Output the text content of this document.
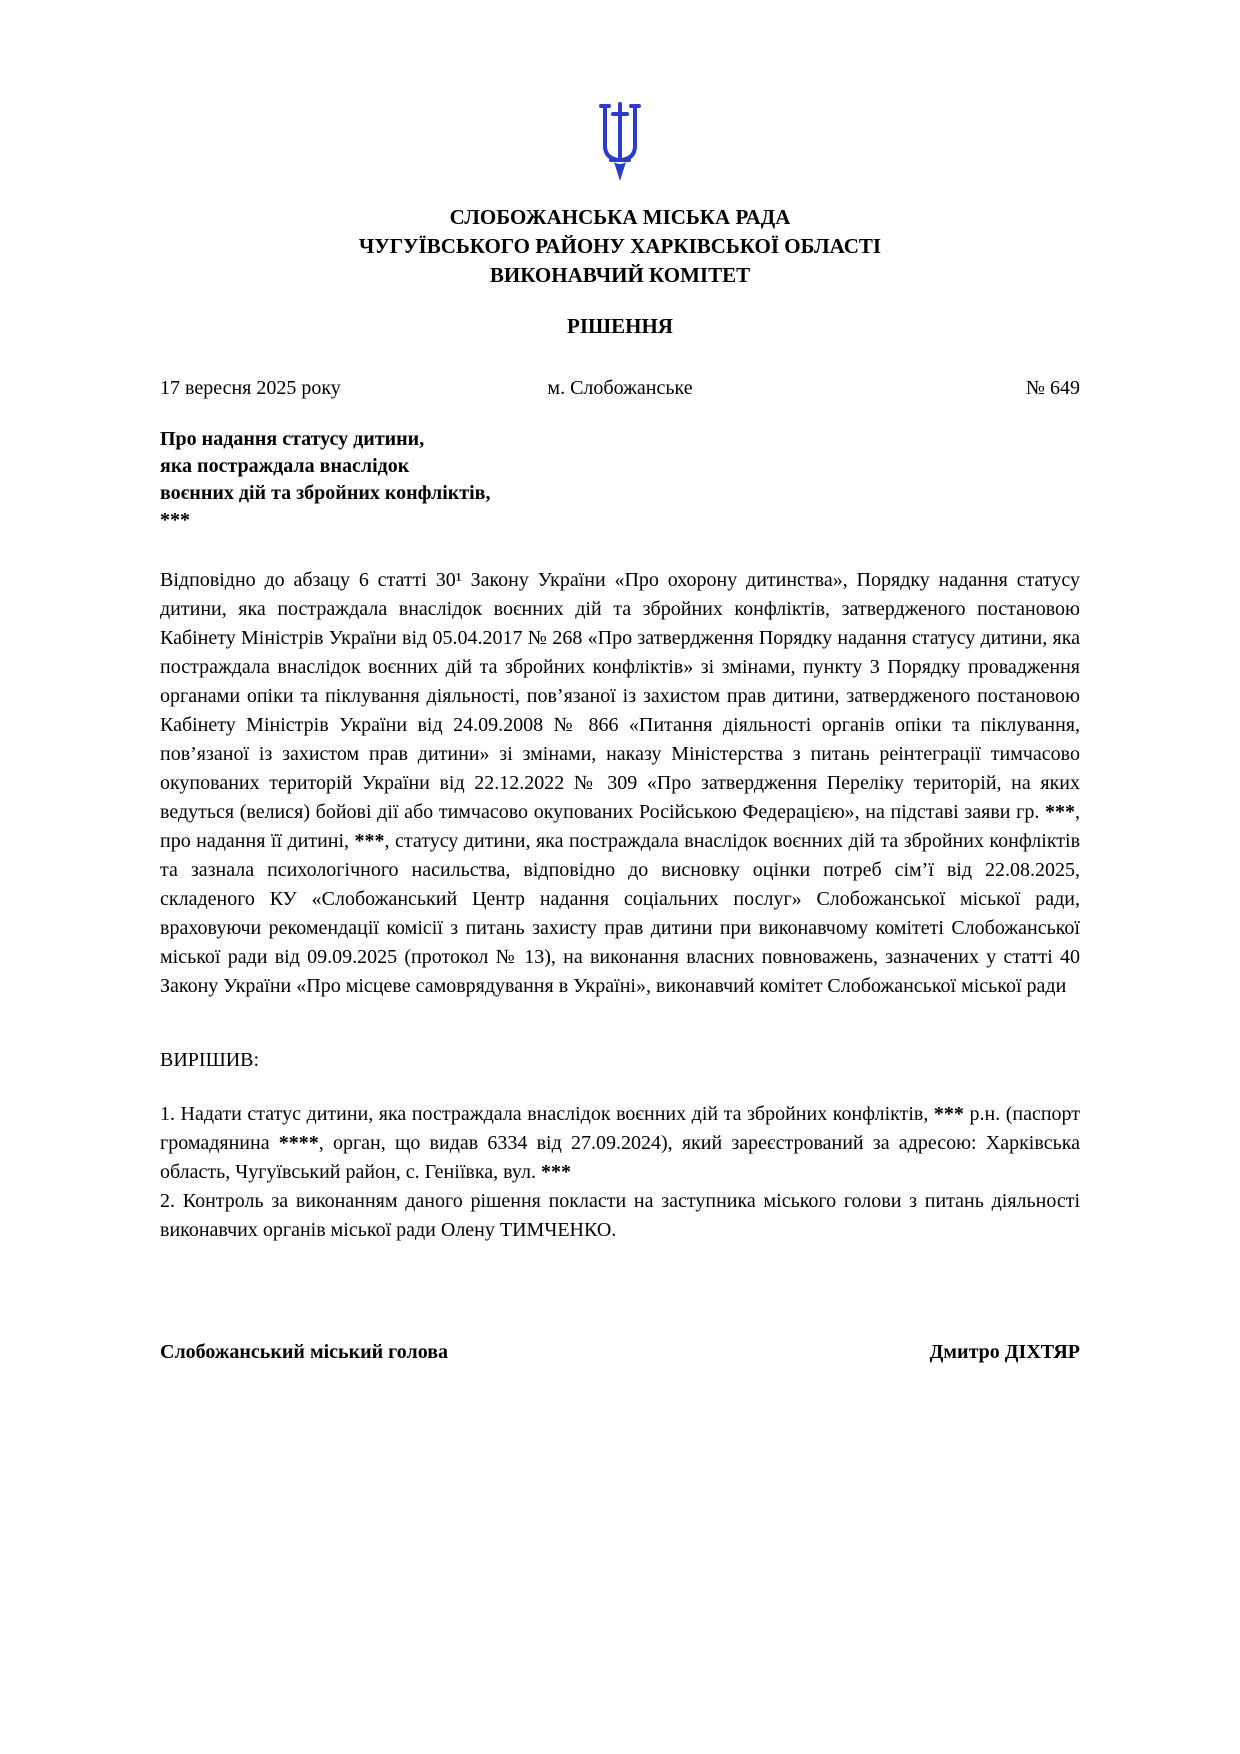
СЛОБОЖАНСЬКА МІСЬКА РАДА
ЧУГУЇВСЬКОГО РАЙОНУ ХАРКІВСЬКОЇ ОБЛАСТІ
ВИКОНАВЧИЙ КОМІТЕТ
РІШЕННЯ
17 вересня 2025 року	м. Слобожанське	№ 649
Про надання статусу дитини,
яка постраждала внаслідок
воєнних дій та збройних конфліктів,
***
Відповідно до абзацу 6 статті 30¹ Закону України «Про охорону дитинства», Порядку надання статусу дитини, яка постраждала внаслідок воєнних дій та збройних конфліктів, затвердженого постановою Кабінету Міністрів України від 05.04.2017 № 268 «Про затвердження Порядку надання статусу дитини, яка постраждала внаслідок воєнних дій та збройних конфліктів» зі змінами, пункту 3 Порядку провадження органами опіки та піклування діяльності, пов’язаної із захистом прав дитини, затвердженого постановою Кабінету Міністрів України від 24.09.2008 № 866 «Питання діяльності органів опіки та піклування, пов’язаної із захистом прав дитини» зі змінами, наказу Міністерства з питань реінтеграції тимчасово окупованих територій України від 22.12.2022 № 309 «Про затвердження Переліку територій, на яких ведуться (велися) бойові дії або тимчасово окупованих Російською Федерацією», на підставі заяви гр. ***, про надання її дитині, ***, статусу дитини, яка постраждала внаслідок воєнних дій та збройних конфліктів та зазнала психологічного насильства, відповідно до висновку оцінки потреб сім’ї від 22.08.2025, складеного КУ «Слобожанський Центр надання соціальних послуг» Слобожанської міської ради, враховуючи рекомендації комісії з питань захисту прав дитини при виконавчому комітеті Слобожанської міської ради від 09.09.2025 (протокол № 13), на виконання власних повноважень, зазначених у статті 40 Закону України «Про місцеве самоврядування в Україні», виконавчий комітет Слобожанської міської ради
ВИРІШИВ:
1. Надати статус дитини, яка постраждала внаслідок воєнних дій та збройних конфліктів, *** р.н. (паспорт громадянина ****, орган, що видав 6334 від 27.09.2024), який зареєстрований за адресою: Харківська область, Чугуївський район, с. Геніївка, вул. ***
2. Контроль за виконанням даного рішення покласти на заступника міського голови з питань діяльності виконавчих органів міської ради Олену ТИМЧЕНКО.
Слобожанський міський голова	Дмитро ДІХТЯР
